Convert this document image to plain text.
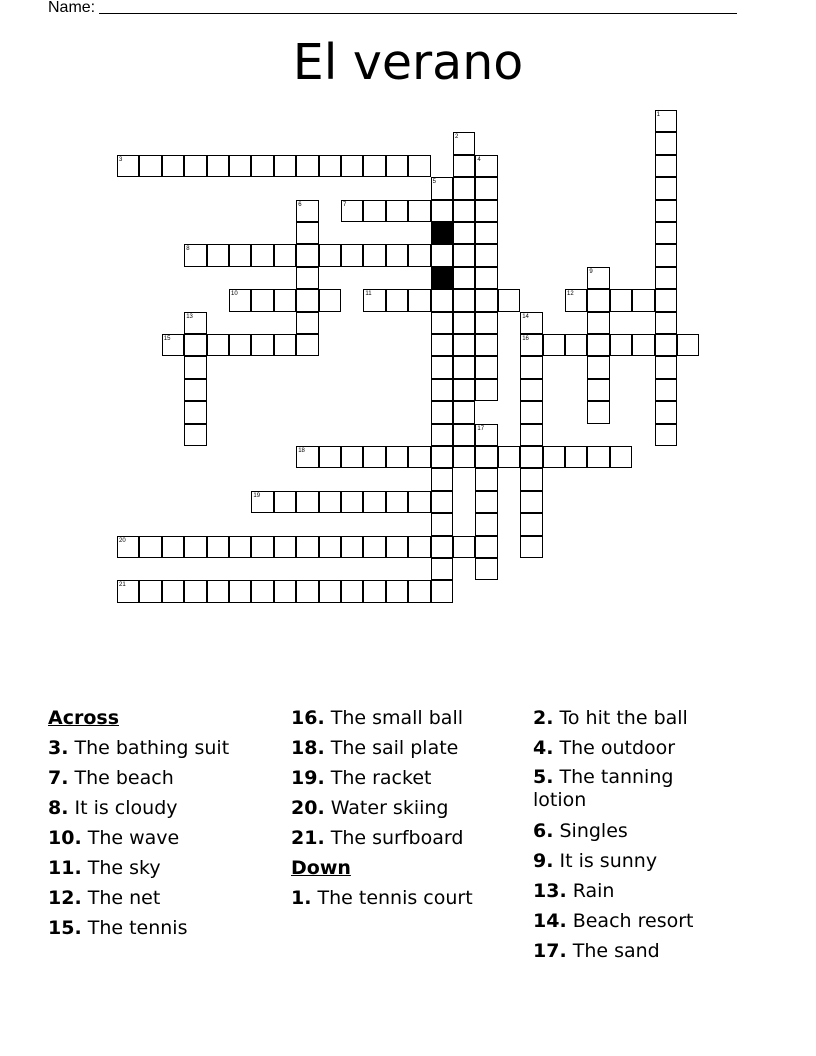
Name:
El verano
1
2
3	4
5
6	7
8
9
10	11	12
13	14
16
15
17
18
19
20
21
Across
3. The bathing suit
7. The beach
8. It is cloudy
10. The wave
11. The sky
12. The net
15. The tennis
16. The small ball
18. The sail plate
19. The racket
20. Water skiing
21. The surfboard
Down
1. The tennis court
2. To hit the ball
4. The outdoor
5. The tanning lotion
6. Singles
9. It is sunny
13. Rain
14. Beach resort
17. The sand
